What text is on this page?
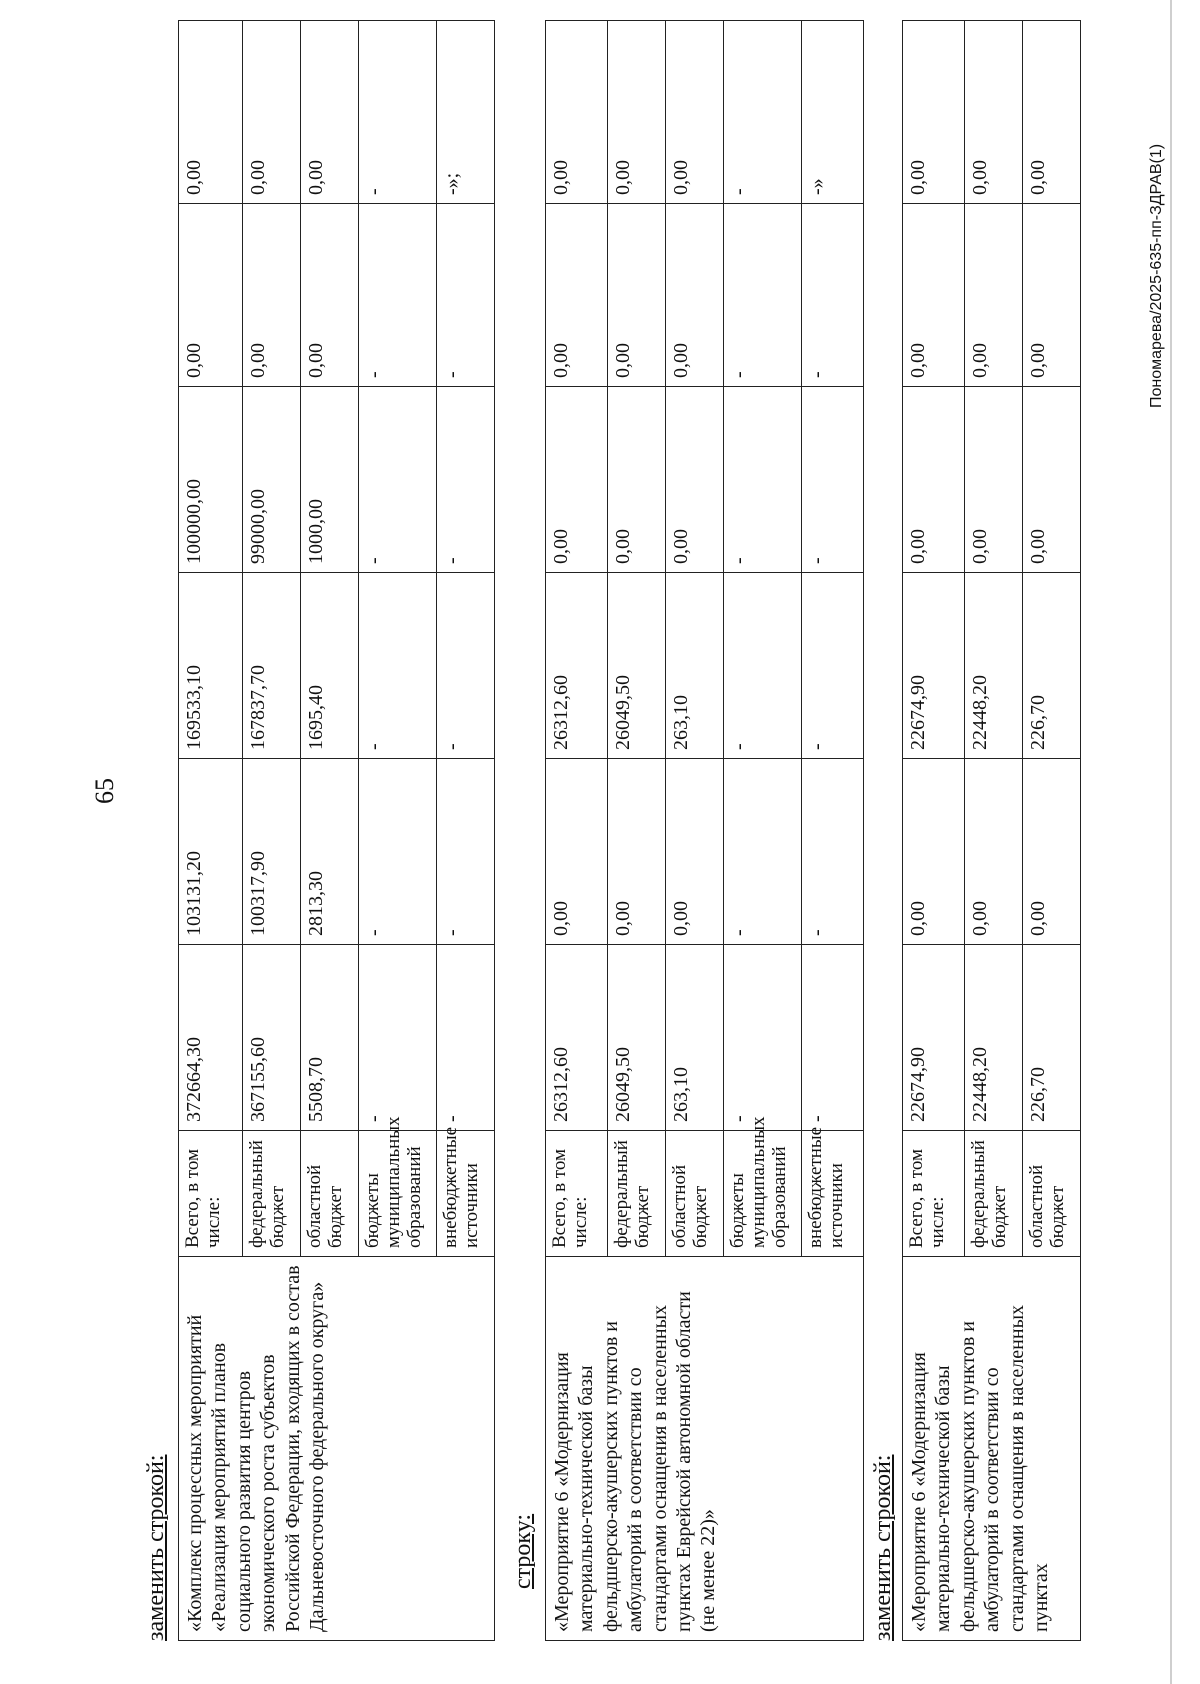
65
заменить строкой: «Комплекс процессных мероприятий «Реализация мероприятий планов социального развития центров экономического роста субъектов Российской Федерации, входящих в состав Дальневосточного федерального округа»	Всего, в том числе:	372664,30	103131,20	169533,10	100000,00	0,00	0,00
	федеральный бюджет	367155,60	100317,90	167837,70	99000,00	0,00	0,00
	областной бюджет	5508,70	2813,30	1695,40	1000,00	0,00	0,00
	бюджеты муниципальных образований	-	-	-	-	-	-
	внебюджетные источники	-	-	-	-	-	-»;
строку: «Мероприятие 6 «Модернизация материально-технической базы фельдшерско-акушерских пунктов и амбулаторий в соответствии со стандартами оснащения в населенных пунктах Еврейской автономной области (не менее 22)»	Всего, в том числе:	26312,60	0,00	26312,60	0,00	0,00	0,00
	федеральный бюджет	26049,50	0,00	26049,50	0,00	0,00	0,00
	областной бюджет	263,10	0,00	263,10	0,00	0,00	0,00
	бюджеты муниципальных образований	-	-	-	-	-	-
	внебюджетные источники	-	-	-	-	-	-»
заменить строкой: «Мероприятие 6 «Модернизация материально-технической базы фельдшерско-акушерских пунктов и амбулаторий в соответствии со стандартами оснащения в населенных пунктах	Всего, в том числе:	22674,90	0,00	22674,90	0,00	0,00	0,00
	федеральный бюджет	22448,20	0,00	22448,20	0,00	0,00	0,00
	областной бюджет	226,70	0,00	226,70	0,00	0,00	0,00	Пономарева/2025-635-пп-ЗДРАВ(1)
